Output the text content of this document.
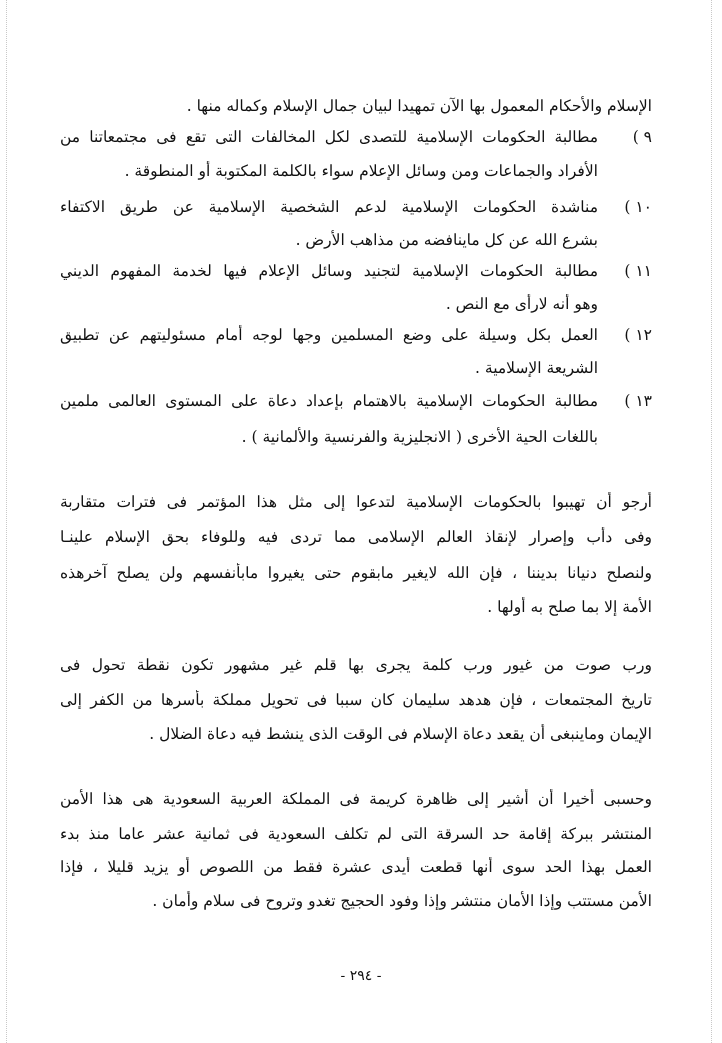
الإسلام والأحكام المعمول بها الآن تمهيدا لبيان جمال الإسلام وكماله منها .
٩ )
مطالبة الحكومات الإسلامية للتصدى لكل المخالفات التى تقع فى مجتمعاتنا من
الأفراد والجماعات ومن وسائل الإعلام سواء بالكلمة المكتوبة أو المنطوقة .
١٠ )
مناشدة الحكومات الإسلامية لدعم الشخصية الإسلامية عن طريق الاكتفاء
بشرع الله عن كل ماينافضه من مذاهب الأرض .
١١ )
مطالبة الحكومات الإسلامية لتجنيد وسائل الإعلام فيها لخدمة المفهوم الديني
وهو أنه لارأى مع النص .
١٢ )
العمل بكل وسيلة على وضع المسلمين وجها لوجه أمام مسئوليتهم عن تطبيق
الشريعة الإسلامية .
١٣ )
مطالبة الحكومات الإسلامية بالاهتمام بإعداد دعاة على المستوى العالمى ملمين
باللغات الحية الأخرى ( الانجليزية والفرنسية والألمانية ) .
أرجو أن تهيبوا بالحكومات الإسلامية لتدعوا إلى مثل هذا المؤتمر فى فترات متقاربة
وفى دأب وإصرار لإنقاذ العالم الإسلامى مما تردى فيه وللوفاء بحق الإسلام علينـا
ولنصلح دنيانا بديننا ، فإن الله لايغير مابقوم حتى يغيروا مابأنفسهم ولن يصلح آخرهذه
الأمة إلا بما صلح به أولها .
ورب صوت من غيور ورب كلمة يجرى بها قلم غير مشهور تكون نقطة تحول فى
تاريخ المجتمعات ، فإن هدهد سليمان كان سببا فى تحويل مملكة بأسرها من الكفر إلى
الإيمان وماينبغى أن يقعد دعاة الإسلام فى الوقت الذى ينشط فيه دعاة الضلال .
وحسبى أخيرا أن أشير إلى ظاهرة كريمة فى المملكة العربية السعودية هى هذا الأمن
المنتشر ببركة إقامة حد السرقة التى لم تكلف السعودية فى ثمانية عشر عاما منذ بدء
العمل بهذا الحد سوى أنها قطعت أيدى عشرة فقط من اللصوص أو يزيد قليلا ، فإذا
الأمن مستتب وإذا الأمان منتشر وإذا وفود الحجيج تغدو وتروح فى سلام وأمان .
- ٢٩٤ -
